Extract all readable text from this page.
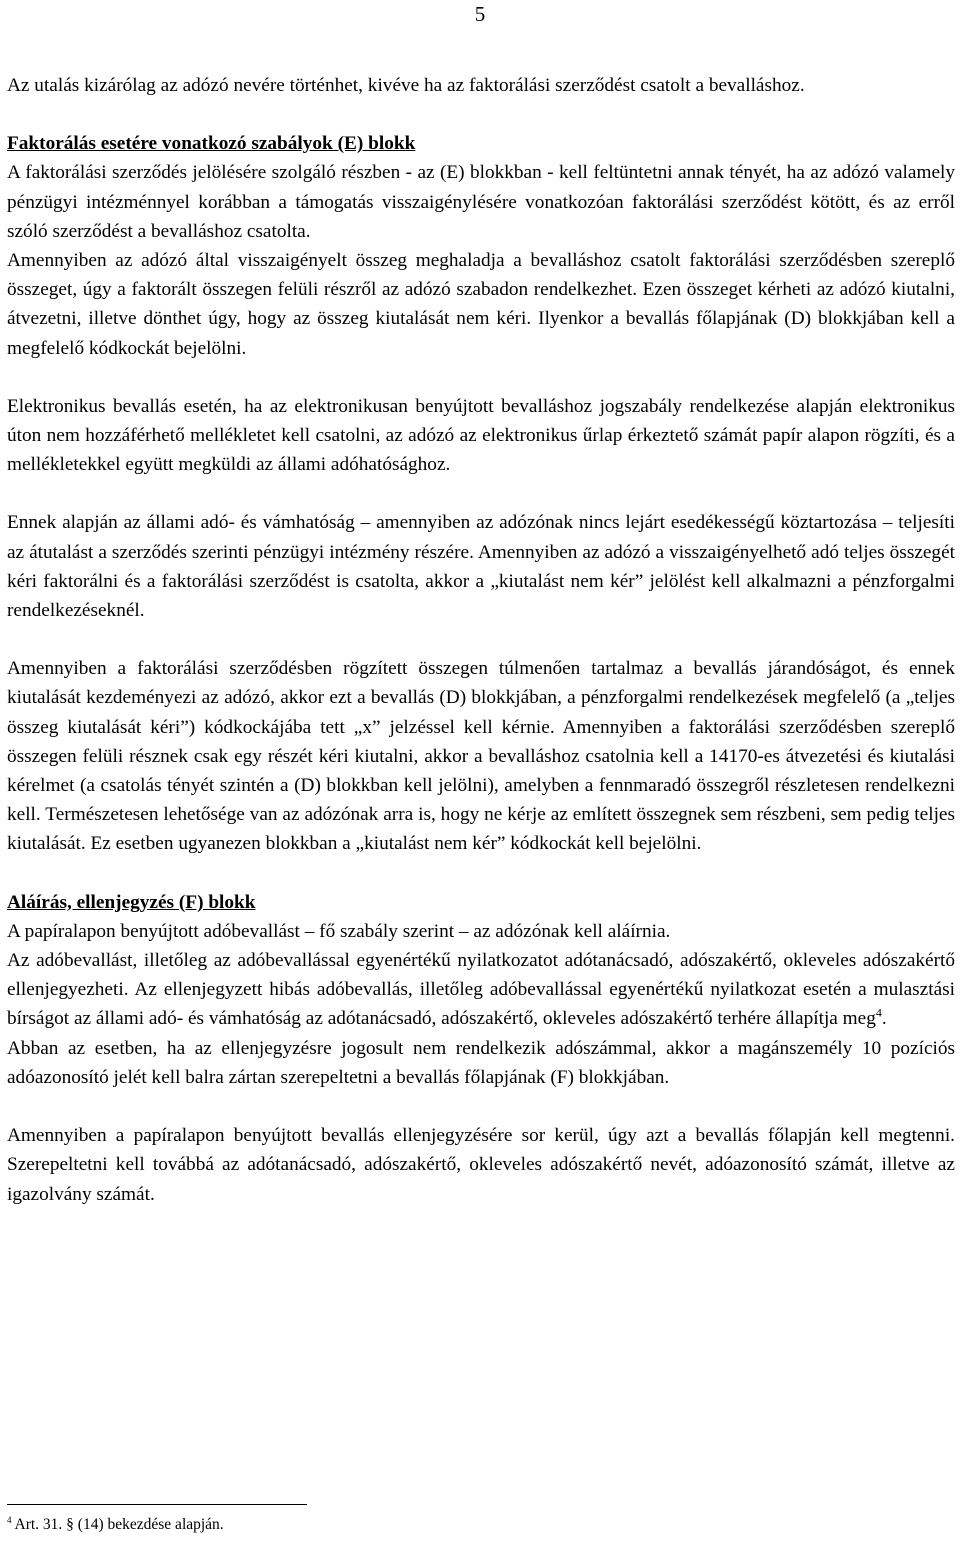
5

Az utalás kizárólag az adózó nevére történhet, kivéve ha az faktorálási szerződést csatolt a bevalláshoz.

Faktorálás esetére vonatkozó szabályok (E) blokk

A faktorálási szerződés jelölésére szolgáló részben - az (E) blokkban - kell feltüntetni annak tényét, ha az adózó valamely pénzügyi intézménnyel korábban a támogatás visszaigénylésére vonatkozóan faktorálási szerződést kötött, és az erről szóló szerződést a bevalláshoz csatolta.

Amennyiben az adózó által visszaigényelt összeg meghaladja a bevalláshoz csatolt faktorálási szerződésben szereplő összeget, úgy a faktorált összegen felüli részről az adózó szabadon rendelkezhet. Ezen összeget kérheti az adózó kiutalni, átvezetni, illetve dönthet úgy, hogy az összeg kiutalását nem kéri. Ilyenkor a bevallás főlapjának (D) blokkjában kell a megfelelő kódkockát bejelölni.

Elektronikus bevallás esetén, ha az elektronikusan benyújtott bevalláshoz jogszabály rendelkezése alapján elektronikus úton nem hozzáférhető mellékletet kell csatolni, az adózó az elektronikus űrlap érkeztető számát papír alapon rögzíti, és a mellékletekkel együtt megküldi az állami adóhatósághoz.

Ennek alapján az állami adó- és vámhatóság – amennyiben az adózónak nincs lejárt esedékességű köztartozása – teljesíti az átutalást a szerződés szerinti pénzügyi intézmény részére. Amennyiben az adózó a visszaigényelhető adó teljes összegét kéri faktorálni és a faktorálási szerződést is csatolta, akkor a „kiutalást nem kér” jelölést kell alkalmazni a pénzforgalmi rendelkezéseknél.

Amennyiben a faktorálási szerződésben rögzített összegen túlmenően tartalmaz a bevallás járandóságot, és ennek kiutalását kezdeményezi az adózó, akkor ezt a bevallás (D) blokkjában, a pénzforgalmi rendelkezések megfelelő (a „teljes összeg kiutalását kéri”) kódkockájába tett „x” jelzéssel kell kérnie. Amennyiben a faktorálási szerződésben szereplő összegen felüli résznek csak egy részét kéri kiutalni, akkor a bevalláshoz csatolnia kell a 14170-es átvezetési és kiutalási kérelmet (a csatolás tényét szintén a (D) blokkban kell jelölni), amelyben a fennmaradó összegről részletesen rendelkezni kell. Természetesen lehetősége van az adózónak arra is, hogy ne kérje az említett összegnek sem részbeni, sem pedig teljes kiutalását. Ez esetben ugyanezen blokkban a „kiutalást nem kér” kódkockát kell bejelölni.

Aláírás, ellenjegyzés (F) blokk

A papíralapon benyújtott adóbevallást – fő szabály szerint – az adózónak kell aláírnia.

Az adóbevallást, illetőleg az adóbevallással egyenértékű nyilatkozatot adótanácsadó, adószakértő, okleveles adószakértő ellenjegyezheti. Az ellenjegyzett hibás adóbevallás, illetőleg adóbevallással egyenértékű nyilatkozat esetén a mulasztási bírságot az állami adó- és vámhatóság az adótanácsadó, adószakértő, okleveles adószakértő terhére állapítja meg$^4$.

Abban az esetben, ha az ellenjegyzésre jogosult nem rendelkezik adószámmal, akkor a magánszemély 10 pozíciós adóazonosító jelét kell balra zártan szerepeltetni a bevallás főlapjának (F) blokkjában.

Amennyiben a papíralapon benyújtott bevallás ellenjegyzésére sor kerül, úgy azt a bevallás főlapján kell megtenni. Szerepeltetni kell továbbá az adótanácsadó, adószakértő, okleveles adószakértő nevét, adóazonosító számát, illetve az igazolvány számát.

$^4$ Art. 31. § (14) bekezdése alapján.
